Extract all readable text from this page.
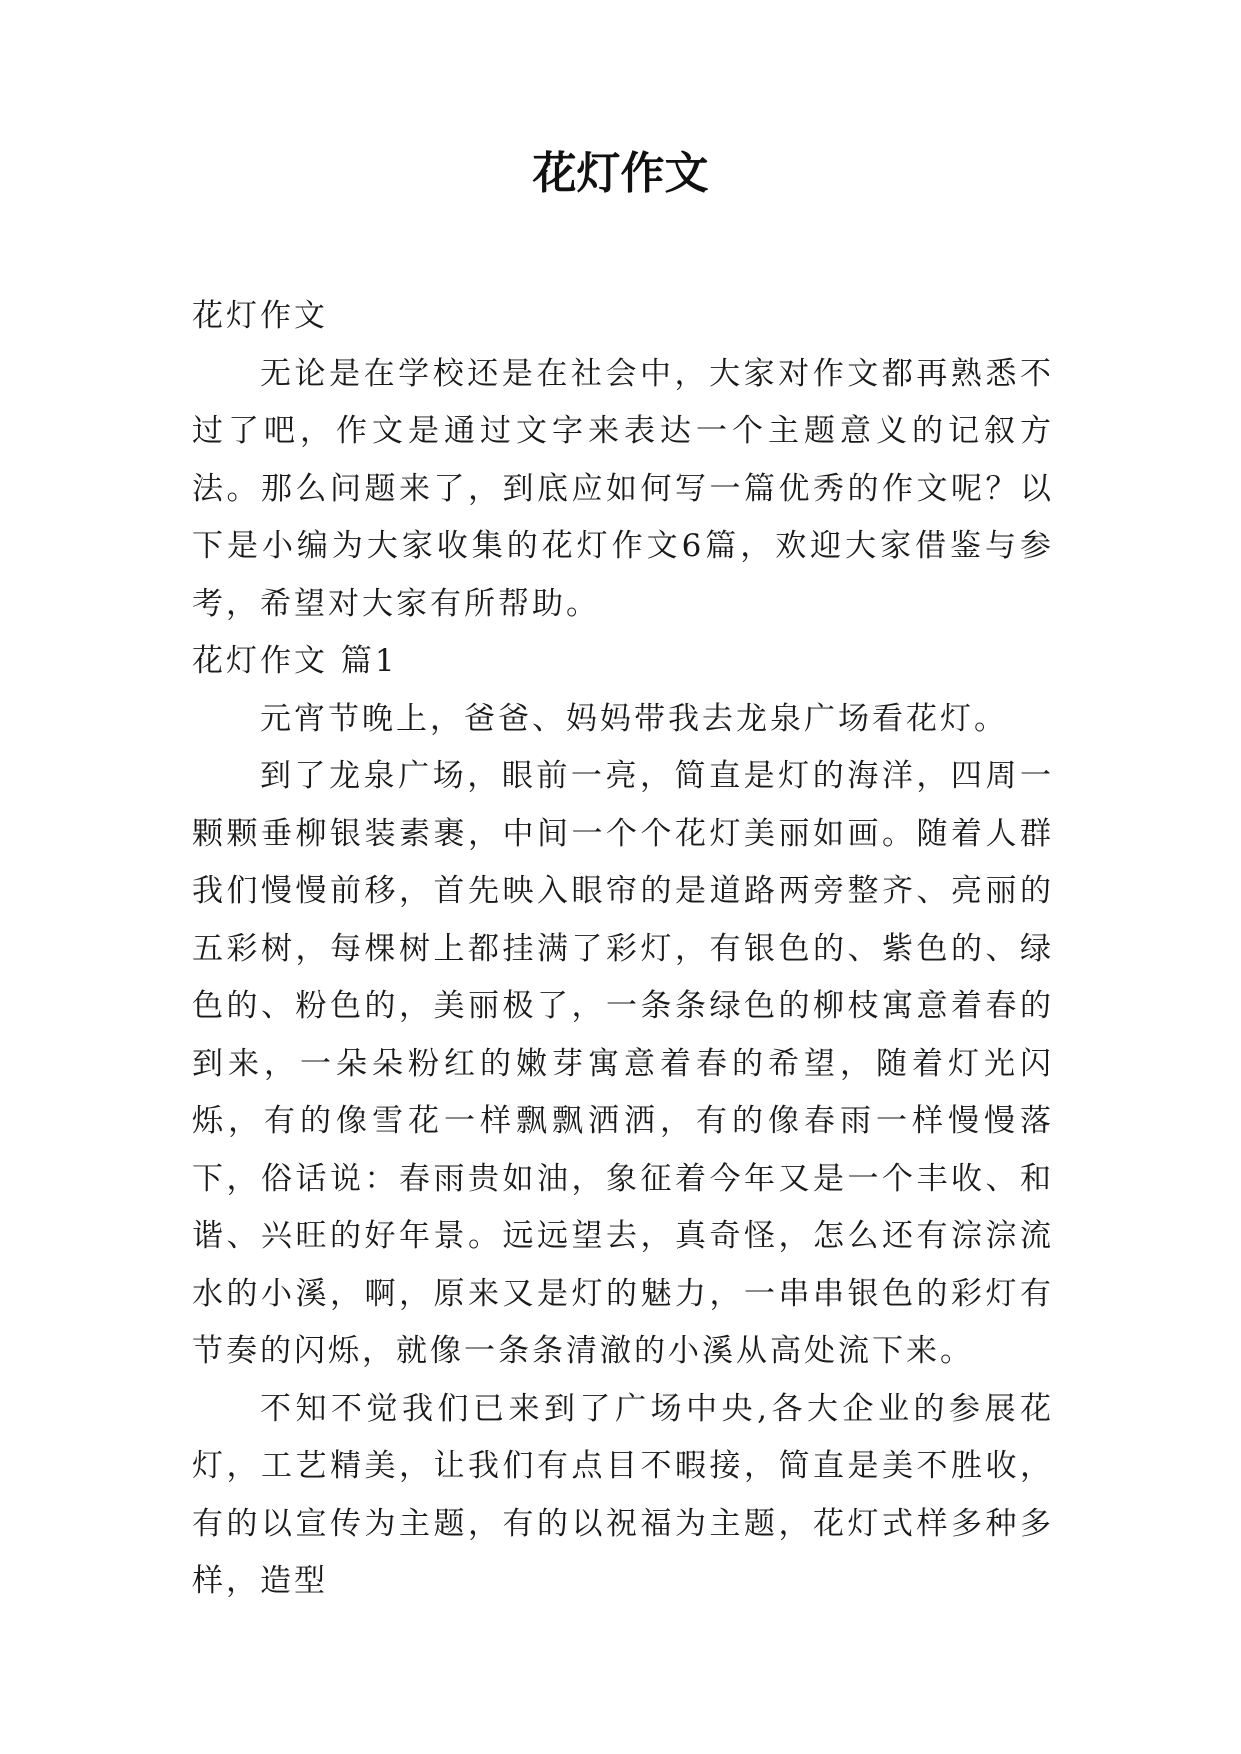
花灯作文

花灯作文

无论是在学校还是在社会中，大家对作文都再熟悉不过了吧，作文是通过文字来表达一个主题意义的记叙方法。那么问题来了，到底应如何写一篇优秀的作文呢？以下是小编为大家收集的花灯作文6篇，欢迎大家借鉴与参考，希望对大家有所帮助。

花灯作文 篇1

元宵节晚上，爸爸、妈妈带我去龙泉广场看花灯。

到了龙泉广场，眼前一亮，简直是灯的海洋，四周一颗颗垂柳银装素裹，中间一个个花灯美丽如画。随着人群我们慢慢前移，首先映入眼帘的是道路两旁整齐、亮丽的五彩树，每棵树上都挂满了彩灯，有银色的、紫色的、绿色的、粉色的，美丽极了，一条条绿色的柳枝寓意着春的到来，一朵朵粉红的嫩芽寓意着春的希望，随着灯光闪烁，有的像雪花一样飘飘洒洒，有的像春雨一样慢慢落下，俗话说：春雨贵如油，象征着今年又是一个丰收、和谐、兴旺的好年景。远远望去，真奇怪，怎么还有淙淙流水的小溪，啊，原来又是灯的魅力，一串串银色的彩灯有节奏的闪烁，就像一条条清澈的小溪从高处流下来。

不知不觉我们已来到了广场中央,各大企业的参展花灯，工艺精美，让我们有点目不暇接，简直是美不胜收，有的以宣传为主题，有的以祝福为主题，花灯式样多种多样，造型
